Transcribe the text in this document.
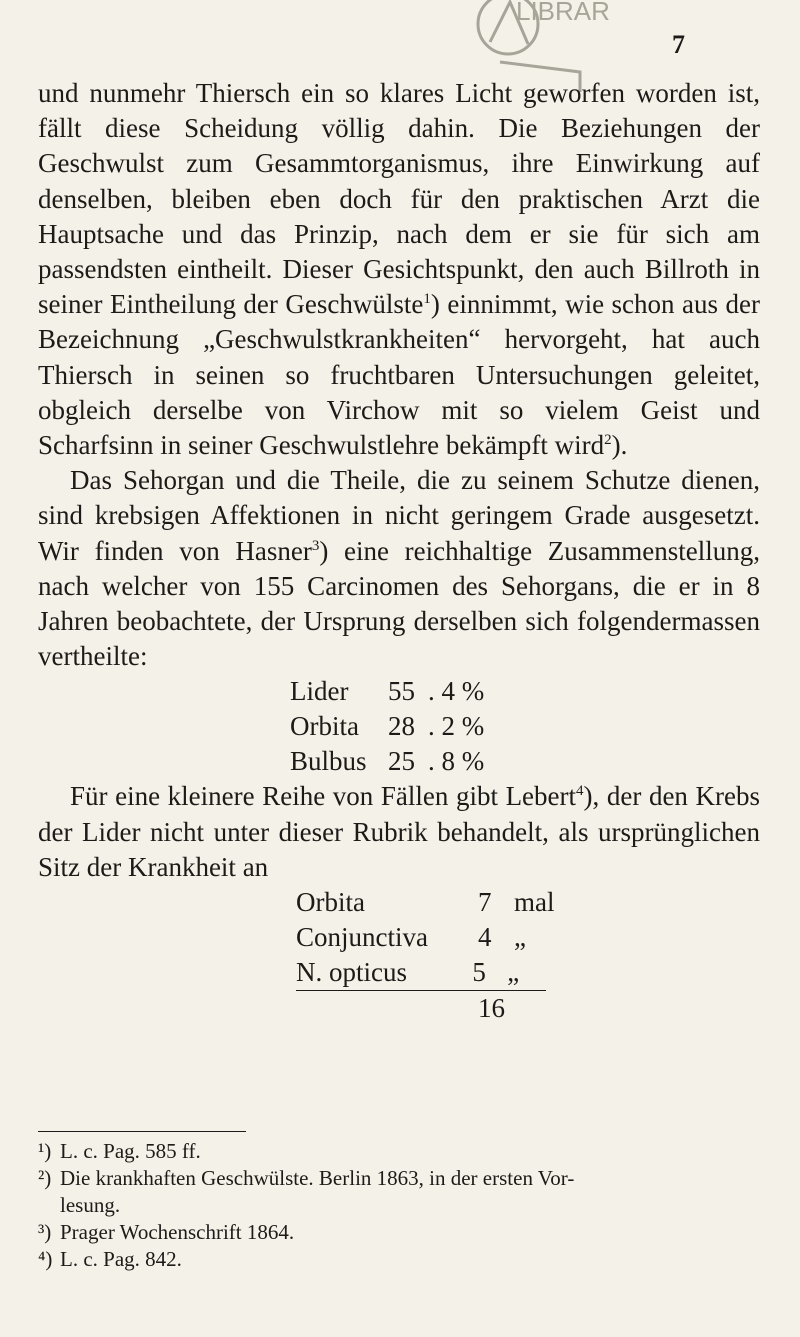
LIBRAR
7

und nunmehr Thiersch ein so klares Licht geworfen worden ist, fällt diese Scheidung völlig dahin. Die Beziehungen der Geschwulst zum Gesammtorganismus, ihre Einwirkung auf denselben, bleiben eben doch für den praktischen Arzt die Hauptsache und das Prinzip, nach dem er sie für sich am passendsten eintheilt. Dieser Gesichtspunkt, den auch Billroth in seiner Eintheilung der Geschwülste$^1$) einnimmt, wie schon aus der Bezeichnung „Geschwulstkrankheiten“ hervorgeht, hat auch Thiersch in seinen so fruchtbaren Untersuchungen geleitet, obgleich derselbe von Virchow mit so vielem Geist und Scharfsinn in seiner Geschwulstlehre bekämpft wird$^2$).

Das Sehorgan und die Theile, die zu seinem Schutze dienen, sind krebsigen Affektionen in nicht geringem Grade ausgesetzt. Wir finden von Hasner$^3$) eine reichhaltige Zusammenstellung, nach welcher von 155 Carcinomen des Sehorgans, die er in 8 Jahren beobachtete, der Ursprung derselben sich folgendermassen vertheilte:

Lider	55 . 4 %
Orbita	28 . 2 %
Bulbus 25 . 8 %

Für eine kleinere Reihe von Fällen gibt Lebert$^4$), der den Krebs der Lider nicht unter dieser Rubrik behandelt, als ursprünglichen Sitz der Krankheit an

Orbita	7 mal
Conjunctiva	4 „
N. opticus	5 „
16
¹) L. c. Pag. 585 ff.
²) Die krankhaften Geschwülste. Berlin 1863, in der ersten Vor-
lesung.
³) Prager Wochenschrift 1864.
⁴) L. c. Pag. 842.
